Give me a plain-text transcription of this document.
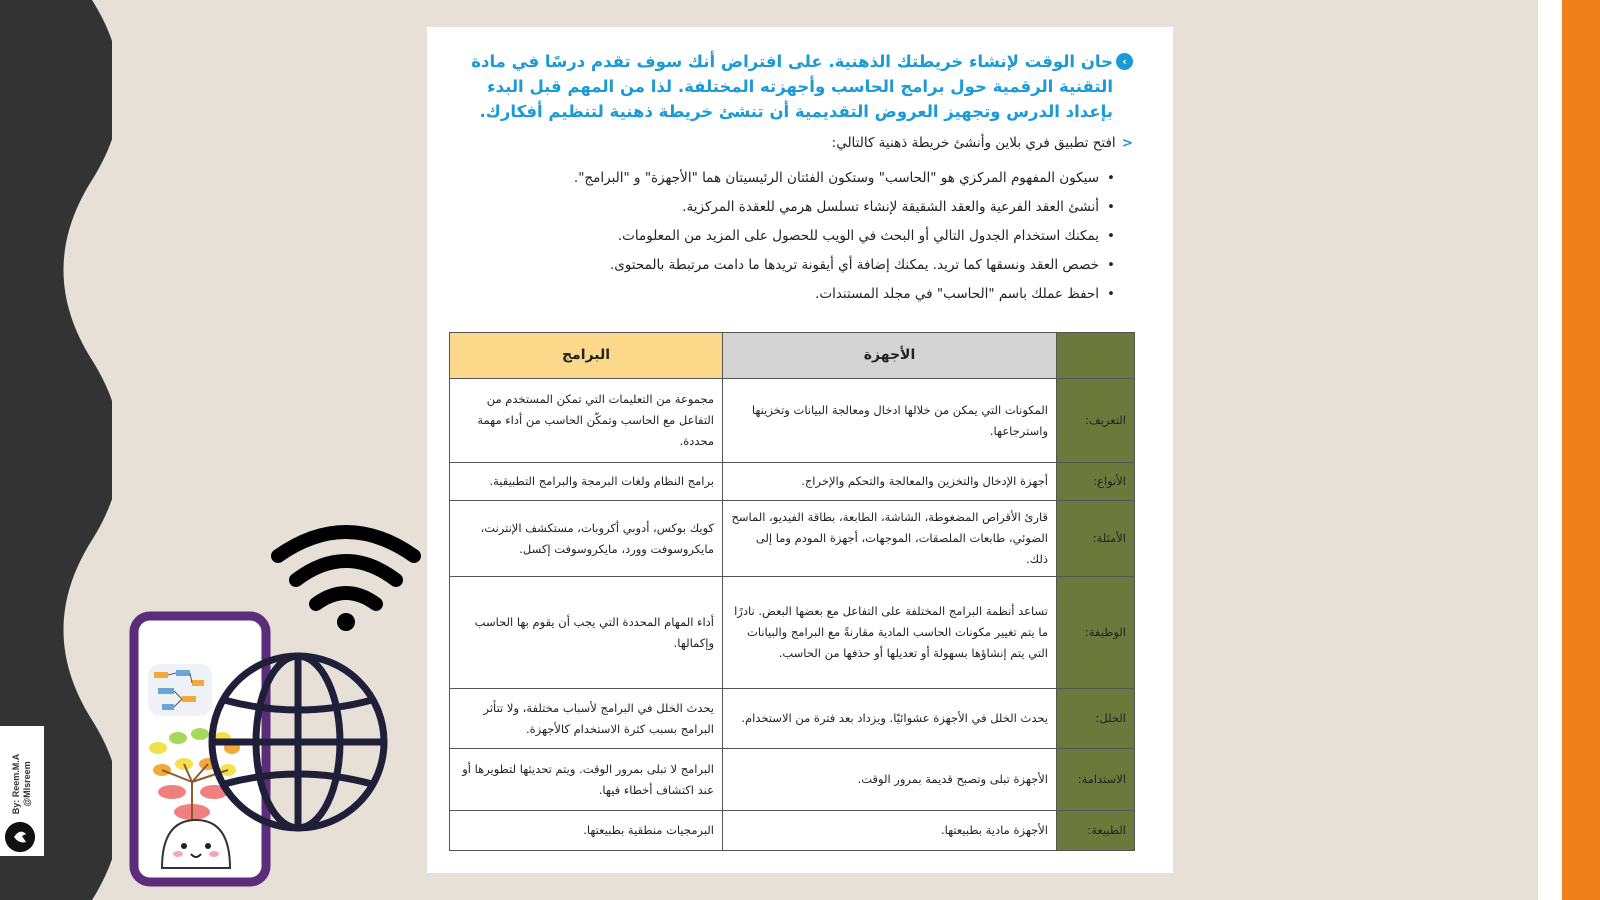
By: Reem.M.A
@Mlsreem
›

حان الوقت لإنشاء خريطتك الذهنية. على افتراض أنك سوف تقدم درسًا في مادة التقنية الرقمية حول برامج الحاسب وأجهزته المختلفة. لذا من المهم قبل البدء بإعداد الدرس وتجهيز العروض التقديمية أن تنشئ خريطة ذهنية لتنظيم أفكارك.

<افتح تطبيق فري بلاين وأنشئ خريطة ذهنية كالتالي:

• سيكون المفهوم المركزي هو "الحاسب" وستكون الفئتان الرئيسيتان هما "الأجهزة" و "البرامج".
• أنشئ العقد الفرعية والعقد الشقيقة لإنشاء تسلسل هرمي للعقدة المركزية.
• يمكنك استخدام الجدول التالي أو البحث في الويب للحصول على المزيد من المعلومات.
• خصص العقد ونسقها كما تريد. يمكنك إضافة أي أيقونة تريدها ما دامت مرتبطة بالمحتوى.
• احفظ عملك باسم "الحاسب" في مجلد المستندات.
	الأجهزة	البرامج
التعريف:	المكونات التي يمكن من خلالها ادخال ومعالجة البيانات وتخزينها واسترجاعها.	مجموعة من التعليمات التي تمكن المستخدم من التفاعل مع الحاسب وتمكّن الحاسب من أداء مهمة محددة.
الأنواع:	أجهزة الإدخال والتخزين والمعالجة والتحكم والإخراج.	برامج النظام ولغات البرمجة والبرامج التطبيقية.
الأمثلة:	قارئ الأقراص المضغوطة، الشاشة، الطابعة، بطاقة الفيديو، الماسح الضوئي، طابعات الملصقات، الموجهات، أجهزة المودم وما إلى ذلك.	كويك بوكس، أدوبي أكروبات، مستكشف الإنترنت، مايكروسوفت وورد، مايكروسوفت إكسل.
الوظيفة:	تساعد أنظمة البرامج المختلفة على التفاعل مع بعضها البعض. نادرًا ما يتم تغيير مكونات الحاسب المادية مقارنةً مع البرامج والبيانات التي يتم إنشاؤها بسهولة أو تعديلها أو حذفها من الحاسب.	أداء المهام المحددة التي يجب أن يقوم بها الحاسب وإكمالها.
الخلل:	يحدث الخلل في الأجهزة عشوائيًا. ويزداد بعد فترة من الاستخدام.	يحدث الخلل في البرامج لأسباب مختلفة، ولا تتأثر البرامج بسبب كثرة الاستخدام كالأجهزة.
الاستدامة:	الأجهزة تبلى وتصبح قديمة بمرور الوقت.	البرامج لا تبلى بمرور الوقت. ويتم تحديثها لتطويرها أو عند اكتشاف أخطاء فيها.
الطبيعة:	الأجهزة مادية بطبيعتها.	البرمجيات منطقية بطبيعتها.
